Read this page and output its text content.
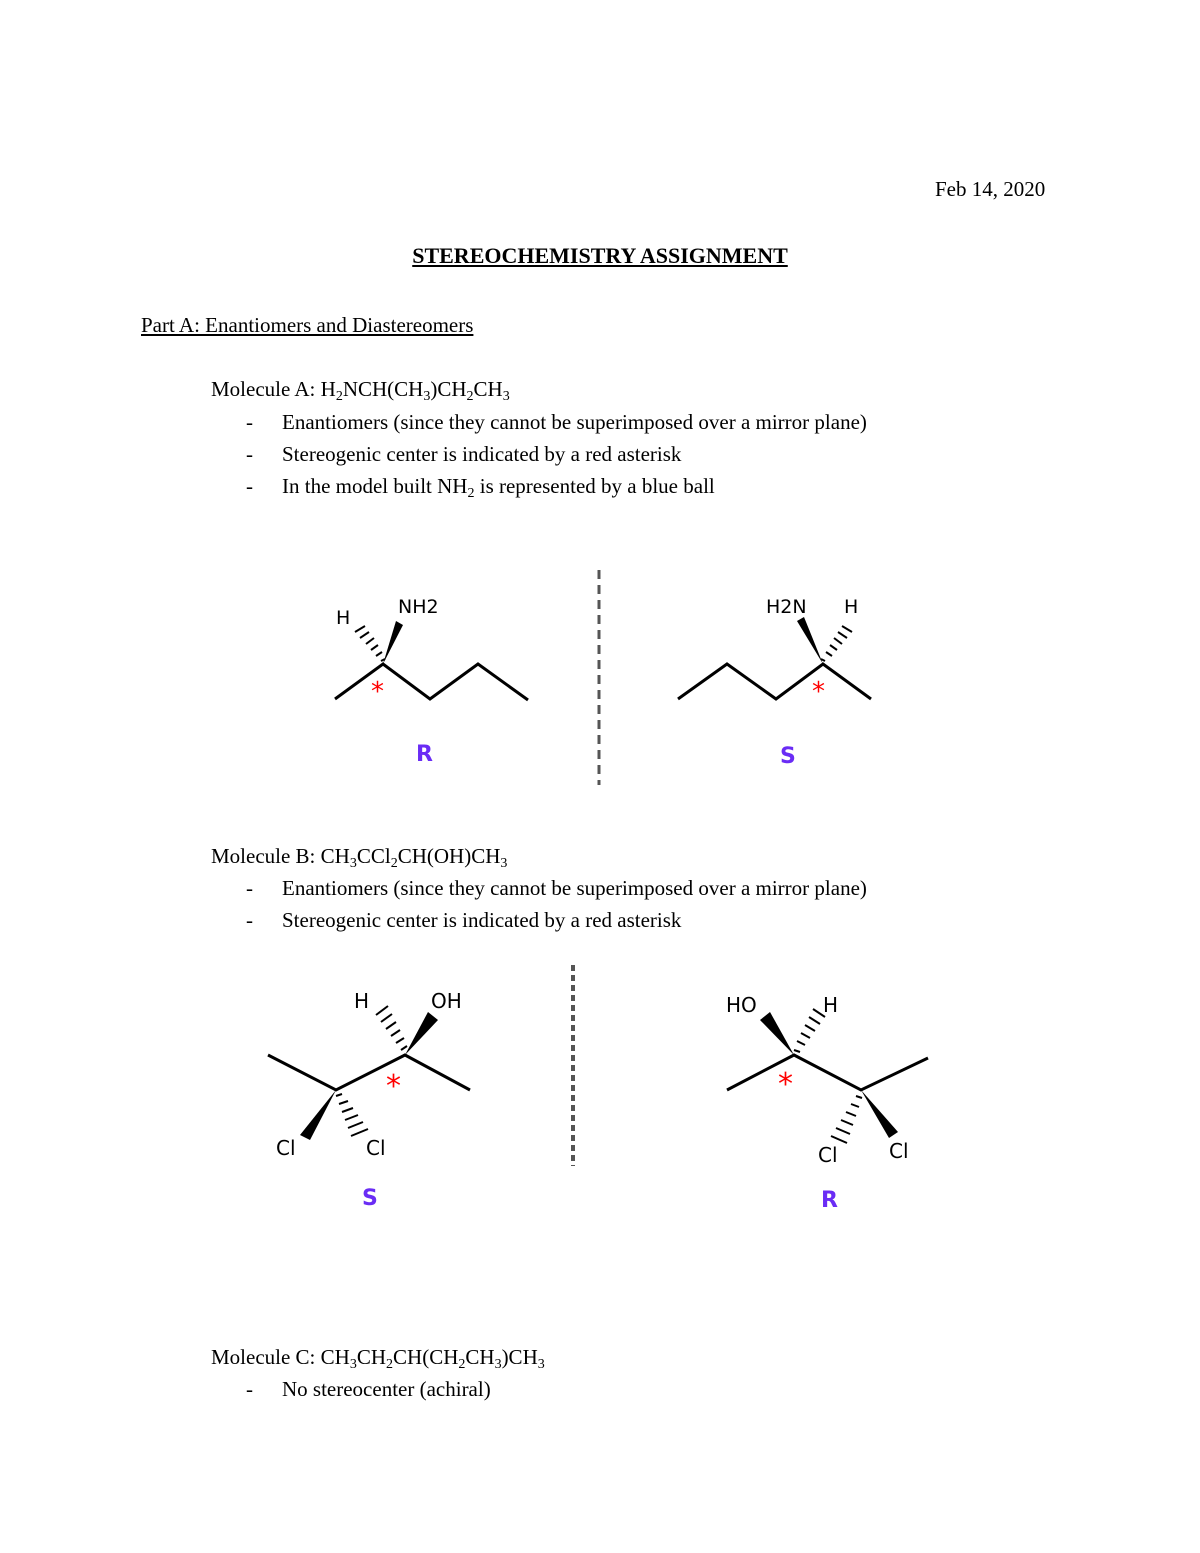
Feb 14, 2020
STEREOCHEMISTRY ASSIGNMENT
Part A: Enantiomers and Diastereomers
Molecule A: $H_2NCH(CH_3)CH_2CH_3$
- Enantiomers (since they cannot be superimposed over a mirror plane)
- Stereogenic center is indicated by a red asterisk
- In the model built $NH_2$ is represented by a blue ball
H	NH2
*
R
H2N H
*
S
H	OH
Cl	Cl
*
S
HO	H
Cl	Cl
*
R
Molecule B: $CH_3CCl_2CH(OH)CH_3$
- Enantiomers (since they cannot be superimposed over a mirror plane)
- Stereogenic center is indicated by a red asterisk
Molecule C: $CH_3CH_2CH(CH_2CH_3)CH_3$
- No stereocenter (achiral)
